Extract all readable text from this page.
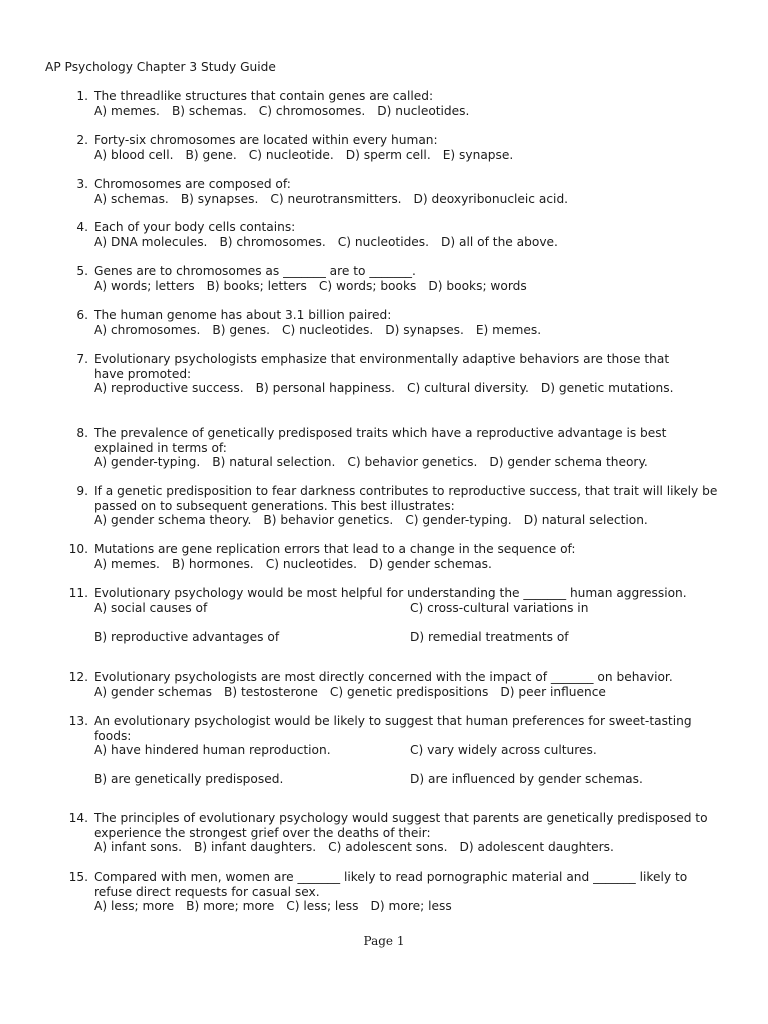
AP Psychology Chapter 3 Study Guide
1. The threadlike structures that contain genes are called:
A) memes. B) schemas. C) chromosomes. D) nucleotides.
2. Forty-six chromosomes are located within every human:
A) blood cell. B) gene. C) nucleotide. D) sperm cell. E) synapse.
3. Chromosomes are composed of:
A) schemas. B) synapses. C) neurotransmitters. D) deoxyribonucleic acid.
4. Each of your body cells contains:
A) DNA molecules. B) chromosomes. C) nucleotides. D) all of the above.
5. Genes are to chromosomes as _______ are to _______.
A) words; letters B) books; letters C) words; books D) books; words
6. The human genome has about 3.1 billion paired:
A) chromosomes. B) genes. C) nucleotides. D) synapses. E) memes.
7. Evolutionary psychologists emphasize that environmentally adaptive behaviors are those that have promoted:
A) reproductive success. B) personal happiness. C) cultural diversity. D) genetic mutations.
8. The prevalence of genetically predisposed traits which have a reproductive advantage is best explained in terms of:
A) gender-typing. B) natural selection. C) behavior genetics. D) gender schema theory.
9. If a genetic predisposition to fear darkness contributes to reproductive success, that trait will likely be passed on to subsequent generations. This best illustrates:
A) gender schema theory. B) behavior genetics. C) gender-typing. D) natural selection.
10. Mutations are gene replication errors that lead to a change in the sequence of:
A) memes. B) hormones. C) nucleotides. D) gender schemas.
11. Evolutionary psychology would be most helpful for understanding the _______ human aggression.
A) social causes of	C) cross-cultural variations in
B) reproductive advantages of	D) remedial treatments of
12. Evolutionary psychologists are most directly concerned with the impact of _______ on behavior.
A) gender schemas B) testosterone C) genetic predispositions D) peer influence
13. An evolutionary psychologist would be likely to suggest that human preferences for sweet-tasting foods:
A) have hindered human reproduction.	C) vary widely across cultures.
B) are genetically predisposed.	D) are influenced by gender schemas.
14. The principles of evolutionary psychology would suggest that parents are genetically predisposed to experience the strongest grief over the deaths of their:
A) infant sons. B) infant daughters. C) adolescent sons. D) adolescent daughters.
15. Compared with men, women are _______ likely to read pornographic material and _______ likely to refuse direct requests for casual sex.
A) less; more B) more; more C) less; less D) more; less
Page 1
